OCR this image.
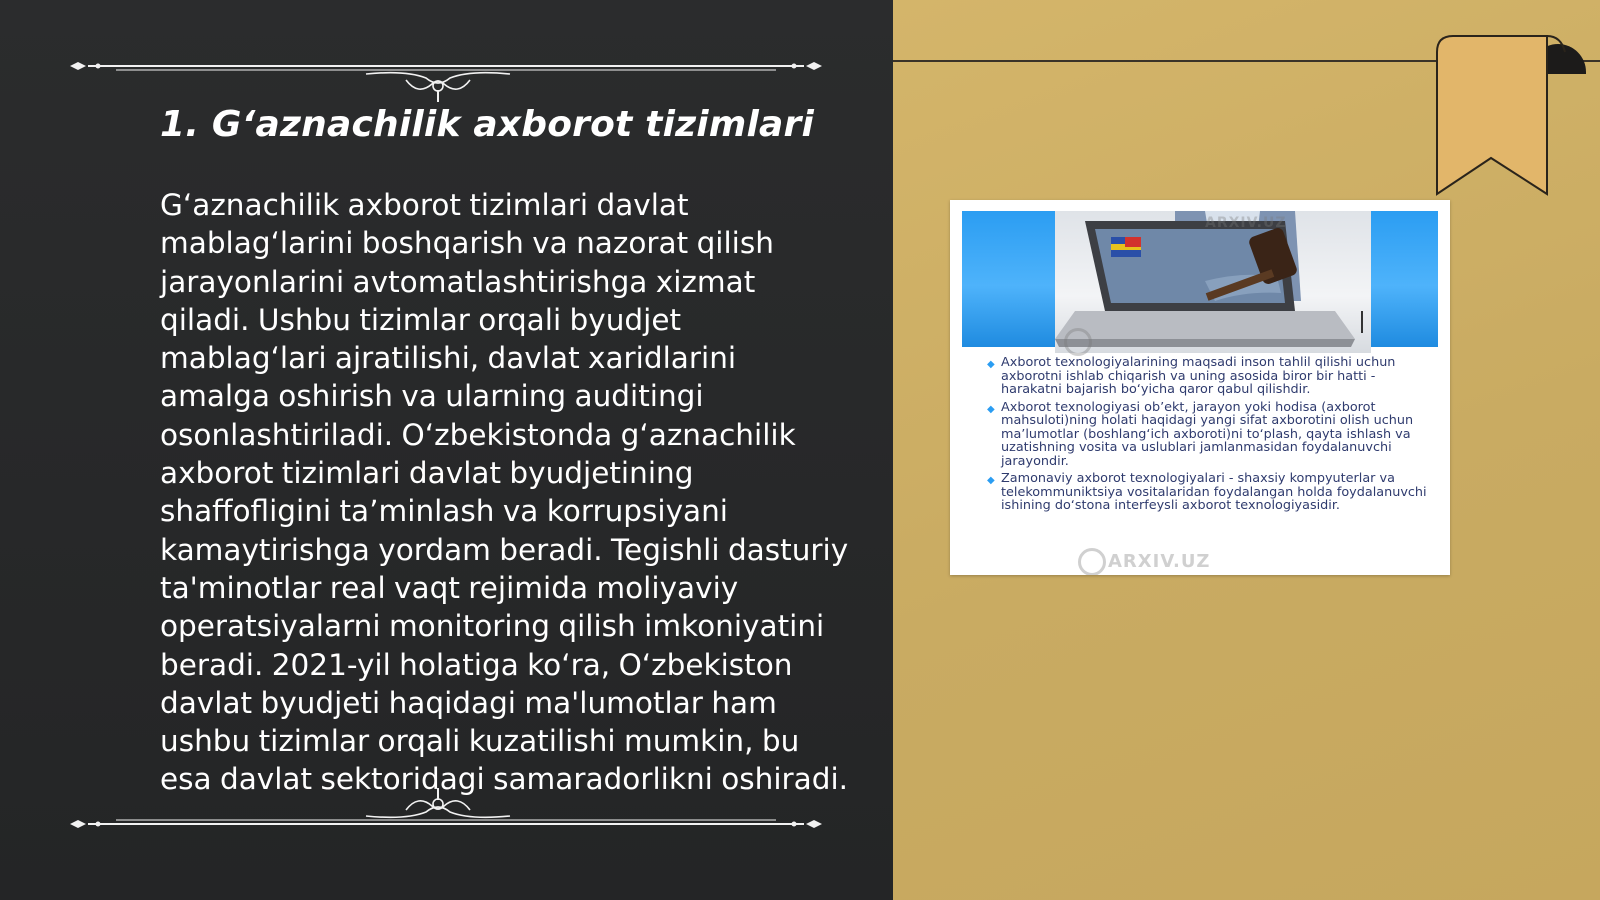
1. G‘aznachilik axborot tizimlari

G‘aznachilik axborot tizimlari davlat mablag‘larini boshqarish va nazorat qilish jarayonlarini avtomatlashtirishga xizmat qiladi. Ushbu tizimlar orqali byudjet mablag‘lari ajratilishi, davlat xaridlarini amalga oshirish va ularning auditingi osonlashtiriladi. O‘zbekistonda g‘aznachilik axborot tizimlari davlat byudjetining shaffofligini ta’minlash va korrupsiyani kamaytirishga yordam beradi. Tegishli dasturiy ta'minotlar real vaqt rejimida moliyaviy operatsiyalarni monitoring qilish imkoniyatini beradi. 2021-yil holatiga ko‘ra, O‘zbekiston davlat byudjeti haqidagi ma'lumotlar ham ushbu tizimlar orqali kuzatilishi mumkin, bu esa davlat sektoridagi samaradorlikni oshiradi.

ARXIV.UZ
◆ Axborot texnologiyalarining maqsadi inson tahlil qilishi uchun axborotni ishlab chiqarish va uning asosida biror bir hatti - harakatni bajarish bo‘yicha qaror qabul qilishdir.
◆ Axborot texnologiyasi ob’ekt, jarayon yoki hodisa (axborot mahsuloti)ning holati haqidagi yangi sifat axborotini olish uchun ma’lumotlar (boshlang‘ich axboroti)ni to‘plash, qayta ishlash va uzatishning vosita va uslublari jamlanmasidan foydalanuvchi jarayondir.
◆ Zamonaviy axborot texnologiyalari - shaxsiy kompyuterlar va telekommuniktsiya vositalaridan foydalangan holda foydalanuvchi ishining do‘stona interfeysli axborot texnologiyasidir.
ARXIV.UZ
